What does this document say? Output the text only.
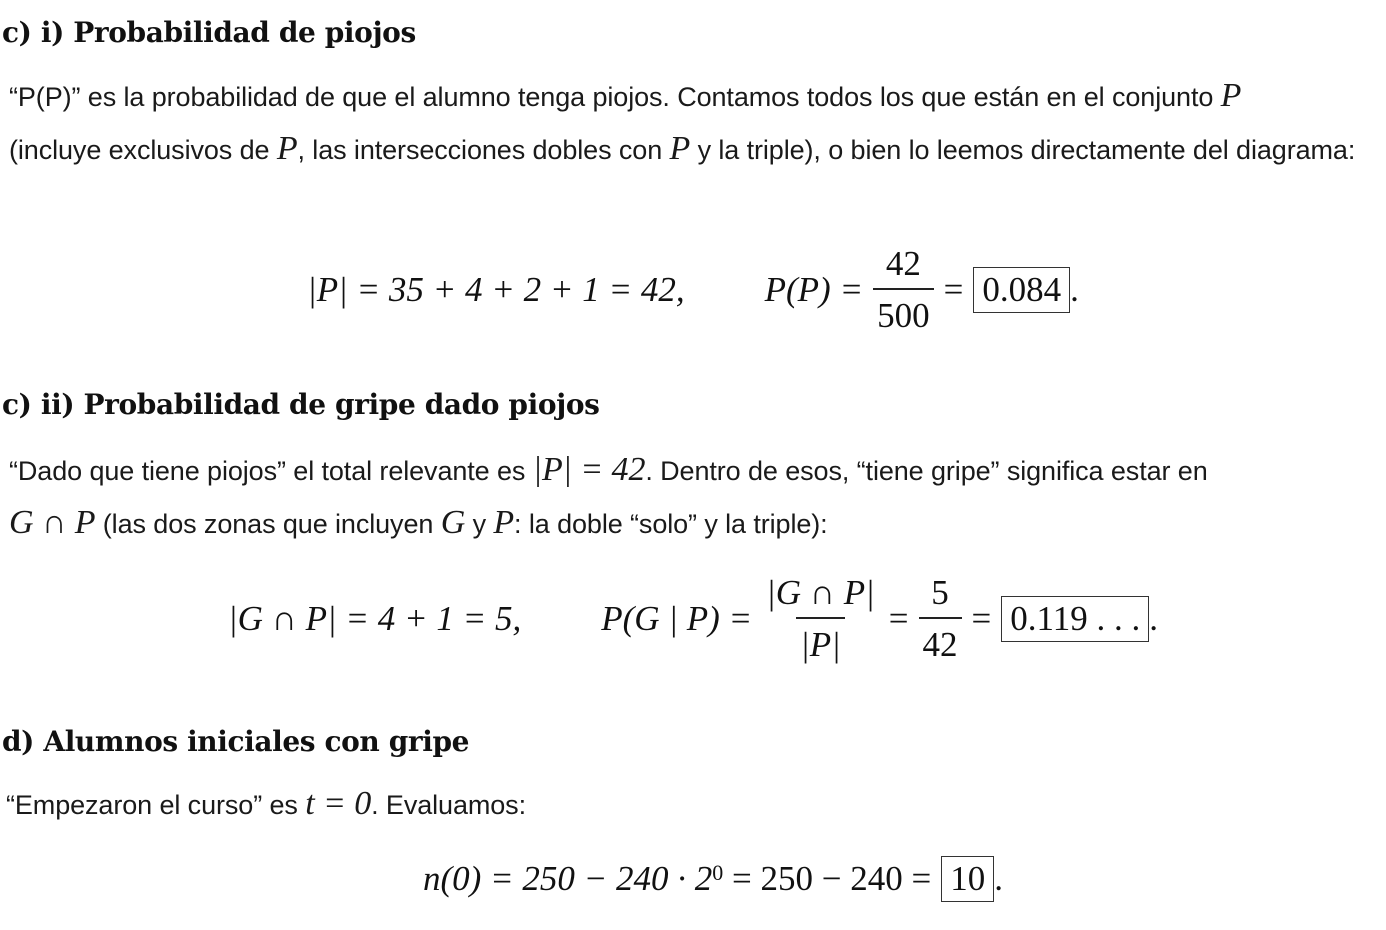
c) i) Probabilidad de piojos

“P(P)” es la probabilidad de que el alumno tenga piojos. Contamos todos los que están en el conjunto P
(incluye exclusivos de P, las intersecciones dobles con P y la triple), o bien lo leemos directamente del diagrama:

|P| = 35 + 4 + 2 + 1 = 42, $P(P) = \frac{42}{500} = 0.084$ .
c) ii) Probabilidad de gripe dado piojos

“Dado que tiene piojos” el total relevante es |P| = 42. Dentro de esos, “tiene gripe” significa estar en
G ∩ P (las dos zonas que incluyen G y P: la doble “solo” y la triple):

|G ∩ P| = 4 + 1 = 5, P(G | $P) = \frac{|G \cap P|}{|P|} = \frac{5}{42} = 0.119$ . . . .
d) Alumnos iniciales con gripe

“Empezaron el curso” es t = 0. Evaluamos:

$n(0) = 250 - 240 \cdot 2^0 = 250 - 240 = 10$ .
